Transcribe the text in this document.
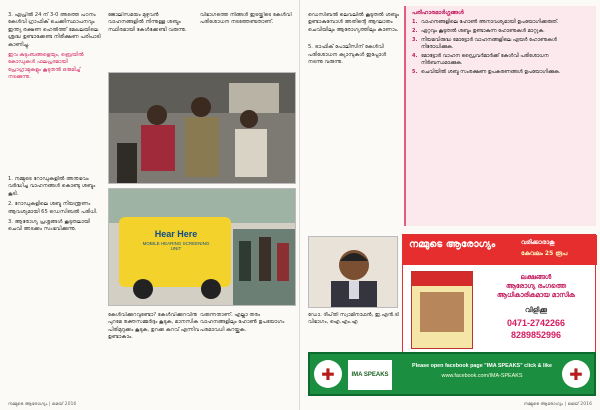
3. ഏപ്രിൽ 24 ന് 3-0 അത്തെ പഠനം കേൾവി ഗ്രാഫിക് ചെക്കിസ്ഥാപനവും ഇന്ത്യ രക്ഷണ ഹെൽത്ത് മേഖലയിലെ ശ്രദ്ധ ഉണ്ടാക്കേണ്ട നിരീക്ഷണ പരിപാടി കാണിച്ചു.

ഇവ കുടുംബങ്ങളെയും, ബ്രെയിൽ കോഡുകൾ ഫലപ്രദമായി പ്രോഗ്രാമുകളും കൂടുതൽ ഒരുമിച്ച് നടക്കുന്നു.

1. നമ്മുടെ റോഡുകളിൽ അനുഭവം വർദ്ധിച്ച വാഹനങ്ങൾ കൊണ്ടു ശബ്ദം കൂടി.

2. റോഡുകളിലെ ശബ്ദ നിയന്ത്രണം ആവശ്യമായി 65 ഡെസിബൽ പരിധി.

3. ആരോഗ്യ പ്രശ്നങ്ങൾ കൂടുതലായി ചെവി അടക്കം സംഭവിക്കുന്നു.

ജോലിസമയം മുഴുവൻ വാഹനങ്ങളിൽ നിന്നുള്ള ശബ്ദം സ്ഥിരമായി കേൾക്കേണ്ടി വരുന്നു.

Hear Here
MOBILE HEARING SCREENING UNIT

കേൾവിക്കുറവുണ്ടോ? കേൾവിക്കുറവിനു പുറമേ രക്തസമ്മർദ്ദം കൂടുക, മാനസിക പിരിമുറുക്കം കൂടുക, ഉറക്ക കുറവ് എന്നിവ ഉണ്ടാകാം.

വിഭാഗത്തെ നിങ്ങൾ ഇടയ്ക്കിടെ കേൾവി പരിശോധന നടത്തേണ്ടതാണ്.

വരുന്നതാണ്. എല്ലാ തരം വാഹനങ്ങളിലും ഹോൺ ഉപയോഗം പരമാവധി കുറയ്ക്കുക.

നമ്മുടെ ആരോഗ്യം | മെയ് 2016

ഡെസിബൽ ലെവലിൽ കൂടുതൽ ശബ്ദം ഉണ്ടാകുമ്പോൾ അതിന്റെ ആഘാതം ചെവിയിലും ആരോഗ്യത്തിലും കാണാം.

5. ട്രാഫിക് പോലീസിന് കേൾവി പരിശോധന ക്യാമ്പുകൾ ഇപ്പോൾ നടന്നു വരുന്നു.

ഡോ. ദീപ്‌തി സ്വാമിനാഥൻ, ഇ.എൻ.ടി വിഭാഗം, ഐ.എം.എ

പരിഹാരമാർഗ്ഗങ്ങൾ
1. വാഹനങ്ങളിലെ ഹോൺ അനാവശ്യമായി ഉപയോഗിക്കരുത്.
2. ഏറ്റവും കൂടുതൽ ശബ്ദം ഉണ്ടാകുന്ന ഹോണുകൾ മാറ്റുക.
3. നിയമവിരുദ്ധ മോട്ടോർ വാഹനങ്ങളിലെ എയർ ഹോണുകൾ നിരോധിക്കുക.
4. മോട്ടോർ വാഹന ഡ്രൈവർമാർക്ക് കേൾവി പരിശോധന നിർബന്ധമാക്കുക.
5. ചെവിയിൽ ശബ്ദ സംരക്ഷണ ഉപകരണങ്ങൾ ഉപയോഗിക്കുക.
നമ്മുടെ ആരോഗ്യം | മെയ് 2016
നമ്മുടെ ആരോഗ്യം	വരിക്കാരാകൂ
കേവലം 25 രൂപ
ലക്ഷങ്ങൾ
ആരോഗ്യ രംഗത്തെ
ആധികാരികമായ മാസിക
വിളിക്കൂ
0471-2742266
8289852996
✚	IMA SPEAKS
Please open facebook page "IMA SPEAKS" click & like
www.facebook.com/IMA-SPEAKS	✚
